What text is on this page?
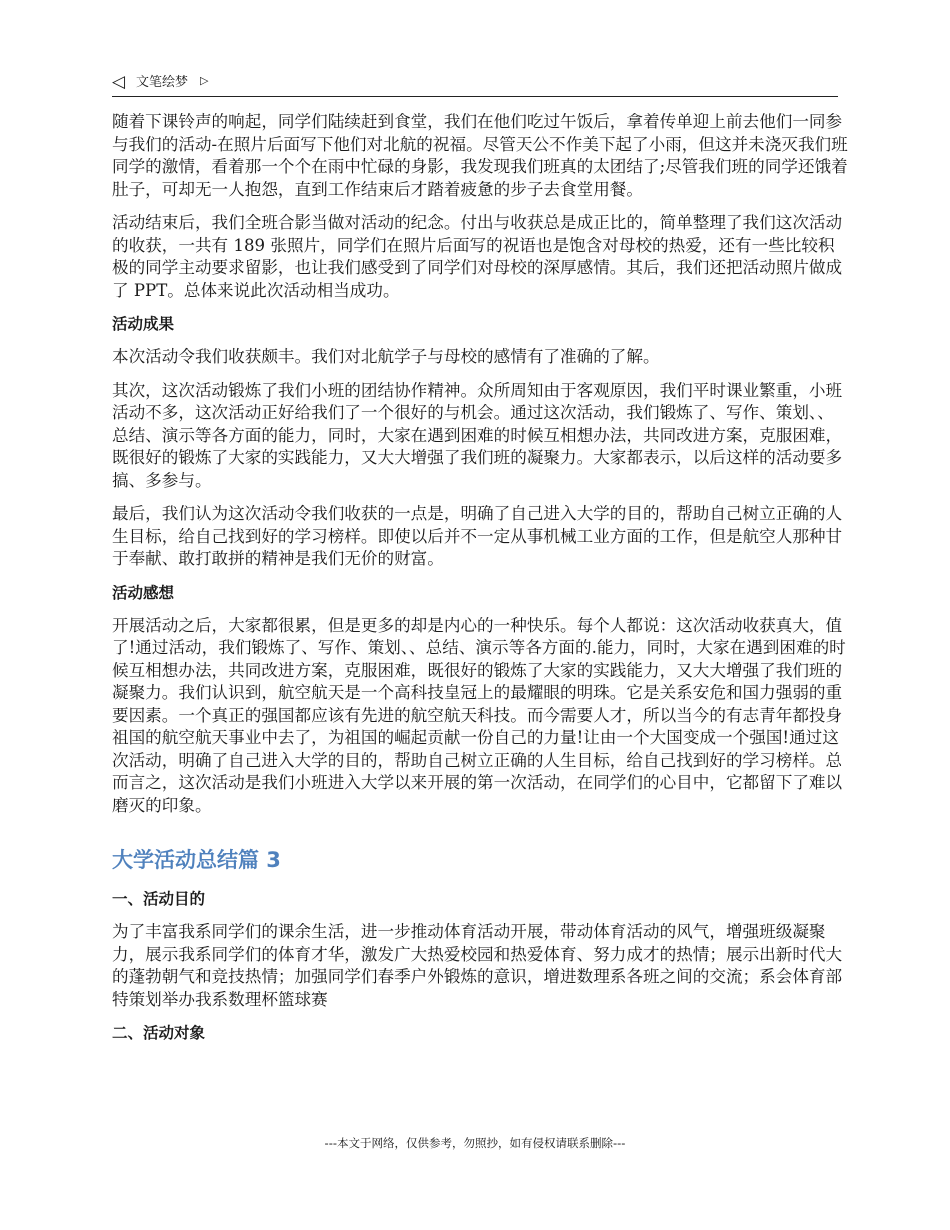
◁ 文笔绘梦 ▷

随着下课铃声的响起，同学们陆续赶到食堂，我们在他们吃过午饭后，拿着传单迎上前去他们一同参与我们的活动-在照片后面写下他们对北航的祝福。尽管天公不作美下起了小雨，但这并未浇灭我们班同学的激情，看着那一个个在雨中忙碌的身影，我发现我们班真的太团结了;尽管我们班的同学还饿着肚子，可却无一人抱怨，直到工作结束后才踏着疲惫的步子去食堂用餐。

活动结束后，我们全班合影当做对活动的纪念。付出与收获总是成正比的，简单整理了我们这次活动的收获，一共有 189 张照片，同学们在照片后面写的祝语也是饱含对母校的热爱，还有一些比较积极的同学主动要求留影，也让我们感受到了同学们对母校的深厚感情。其后，我们还把活动照片做成了 PPT。总体来说此次活动相当成功。

活动成果

本次活动令我们收获颇丰。我们对北航学子与母校的感情有了准确的了解。

其次，这次活动锻炼了我们小班的团结协作精神。众所周知由于客观原因，我们平时课业繁重，小班活动不多，这次活动正好给我们了一个很好的与机会。通过这次活动，我们锻炼了、写作、策划、、总结、演示等各方面的能力，同时，大家在遇到困难的时候互相想办法，共同改进方案，克服困难，既很好的锻炼了大家的实践能力，又大大增强了我们班的凝聚力。大家都表示，以后这样的活动要多搞、多参与。

最后，我们认为这次活动令我们收获的一点是，明确了自己进入大学的目的，帮助自己树立正确的人生目标，给自己找到好的学习榜样。即使以后并不一定从事机械工业方面的工作，但是航空人那种甘于奉献、敢打敢拼的精神是我们无价的财富。

活动感想

开展活动之后，大家都很累，但是更多的却是内心的一种快乐。每个人都说：这次活动收获真大，值了!通过活动，我们锻炼了、写作、策划、、总结、演示等各方面的.能力，同时，大家在遇到困难的时候互相想办法，共同改进方案，克服困难，既很好的锻炼了大家的实践能力，又大大增强了我们班的凝聚力。我们认识到，航空航天是一个高科技皇冠上的最耀眼的明珠。它是关系安危和国力强弱的重要因素。一个真正的强国都应该有先进的航空航天科技。而今需要人才，所以当今的有志青年都投身祖国的航空航天事业中去了，为祖国的崛起贡献一份自己的力量!让由一个大国变成一个强国!通过这次活动，明确了自己进入大学的目的，帮助自己树立正确的人生目标，给自己找到好的学习榜样。总而言之，这次活动是我们小班进入大学以来开展的第一次活动，在同学们的心目中，它都留下了难以磨灭的印象。

大学活动总结篇 3
一、活动目的

为了丰富我系同学们的课余生活，进一步推动体育活动开展，带动体育活动的风气，增强班级凝聚力，展示我系同学们的体育才华，激发广大热爱校园和热爱体育、努力成才的热情；展示出新时代大的蓬勃朝气和竞技热情；加强同学们春季户外锻炼的意识，增进数理系各班之间的交流；系会体育部特策划举办我系数理杯篮球赛

二、活动对象
---本文于网络，仅供参考，勿照抄，如有侵权请联系删除---
